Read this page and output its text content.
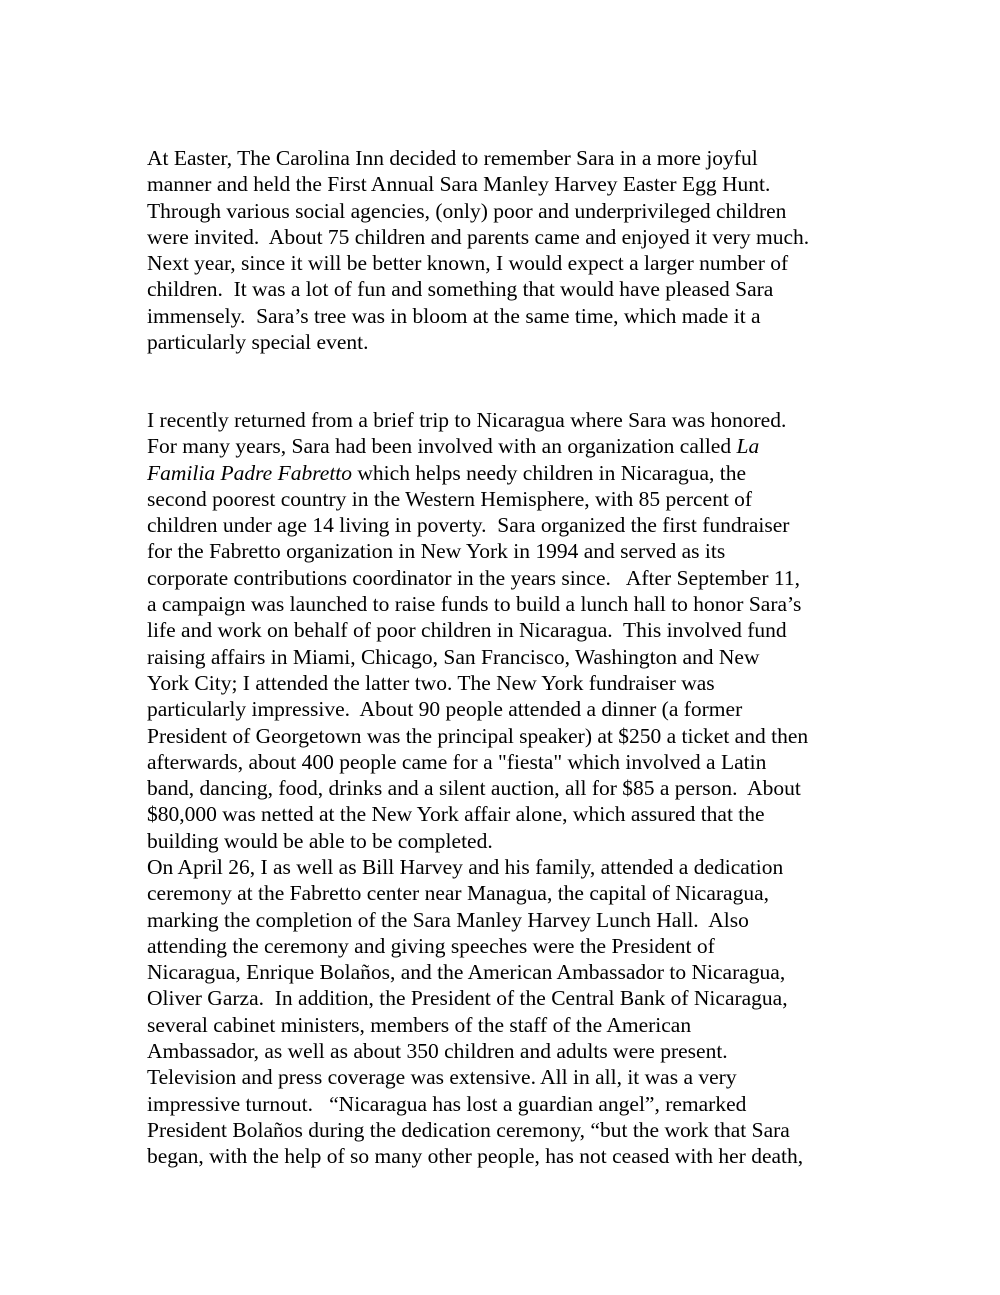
At Easter, The Carolina Inn decided to remember Sara in a more joyful
manner and held the First Annual Sara Manley Harvey Easter Egg Hunt.
Through various social agencies, (only) poor and underprivileged children
were invited.  About 75 children and parents came and enjoyed it very much.
Next year, since it will be better known, I would expect a larger number of
children.  It was a lot of fun and something that would have pleased Sara
immensely.  Sara’s tree was in bloom at the same time, which made it a
particularly special event.
I recently returned from a brief trip to Nicaragua where Sara was honored.
For many years, Sara had been involved with an organization called La
Familia Padre Fabretto which helps needy children in Nicaragua, the
second poorest country in the Western Hemisphere, with 85 percent of
children under age 14 living in poverty.  Sara organized the first fundraiser
for the Fabretto organization in New York in 1994 and served as its
corporate contributions coordinator in the years since.   After September 11,
a campaign was launched to raise funds to build a lunch hall to honor Sara’s
life and work on behalf of poor children in Nicaragua.  This involved fund
raising affairs in Miami, Chicago, San Francisco, Washington and New
York City; I attended the latter two. The New York fundraiser was
particularly impressive.  About 90 people attended a dinner (a former
President of Georgetown was the principal speaker) at $250 a ticket and then
afterwards, about 400 people came for a "fiesta" which involved a Latin
band, dancing, food, drinks and a silent auction, all for $85 a person.  About
$80,000 was netted at the New York affair alone, which assured that the
building would be able to be completed.
On April 26, I as well as Bill Harvey and his family, attended a dedication
ceremony at the Fabretto center near Managua, the capital of Nicaragua,
marking the completion of the Sara Manley Harvey Lunch Hall.  Also
attending the ceremony and giving speeches were the President of
Nicaragua, Enrique Bolaños, and the American Ambassador to Nicaragua,
Oliver Garza.  In addition, the President of the Central Bank of Nicaragua,
several cabinet ministers, members of the staff of the American
Ambassador, as well as about 350 children and adults were present.
Television and press coverage was extensive. All in all, it was a very
impressive turnout.   “Nicaragua has lost a guardian angel”, remarked
President Bolaños during the dedication ceremony, “but the work that Sara
began, with the help of so many other people, has not ceased with her death,
